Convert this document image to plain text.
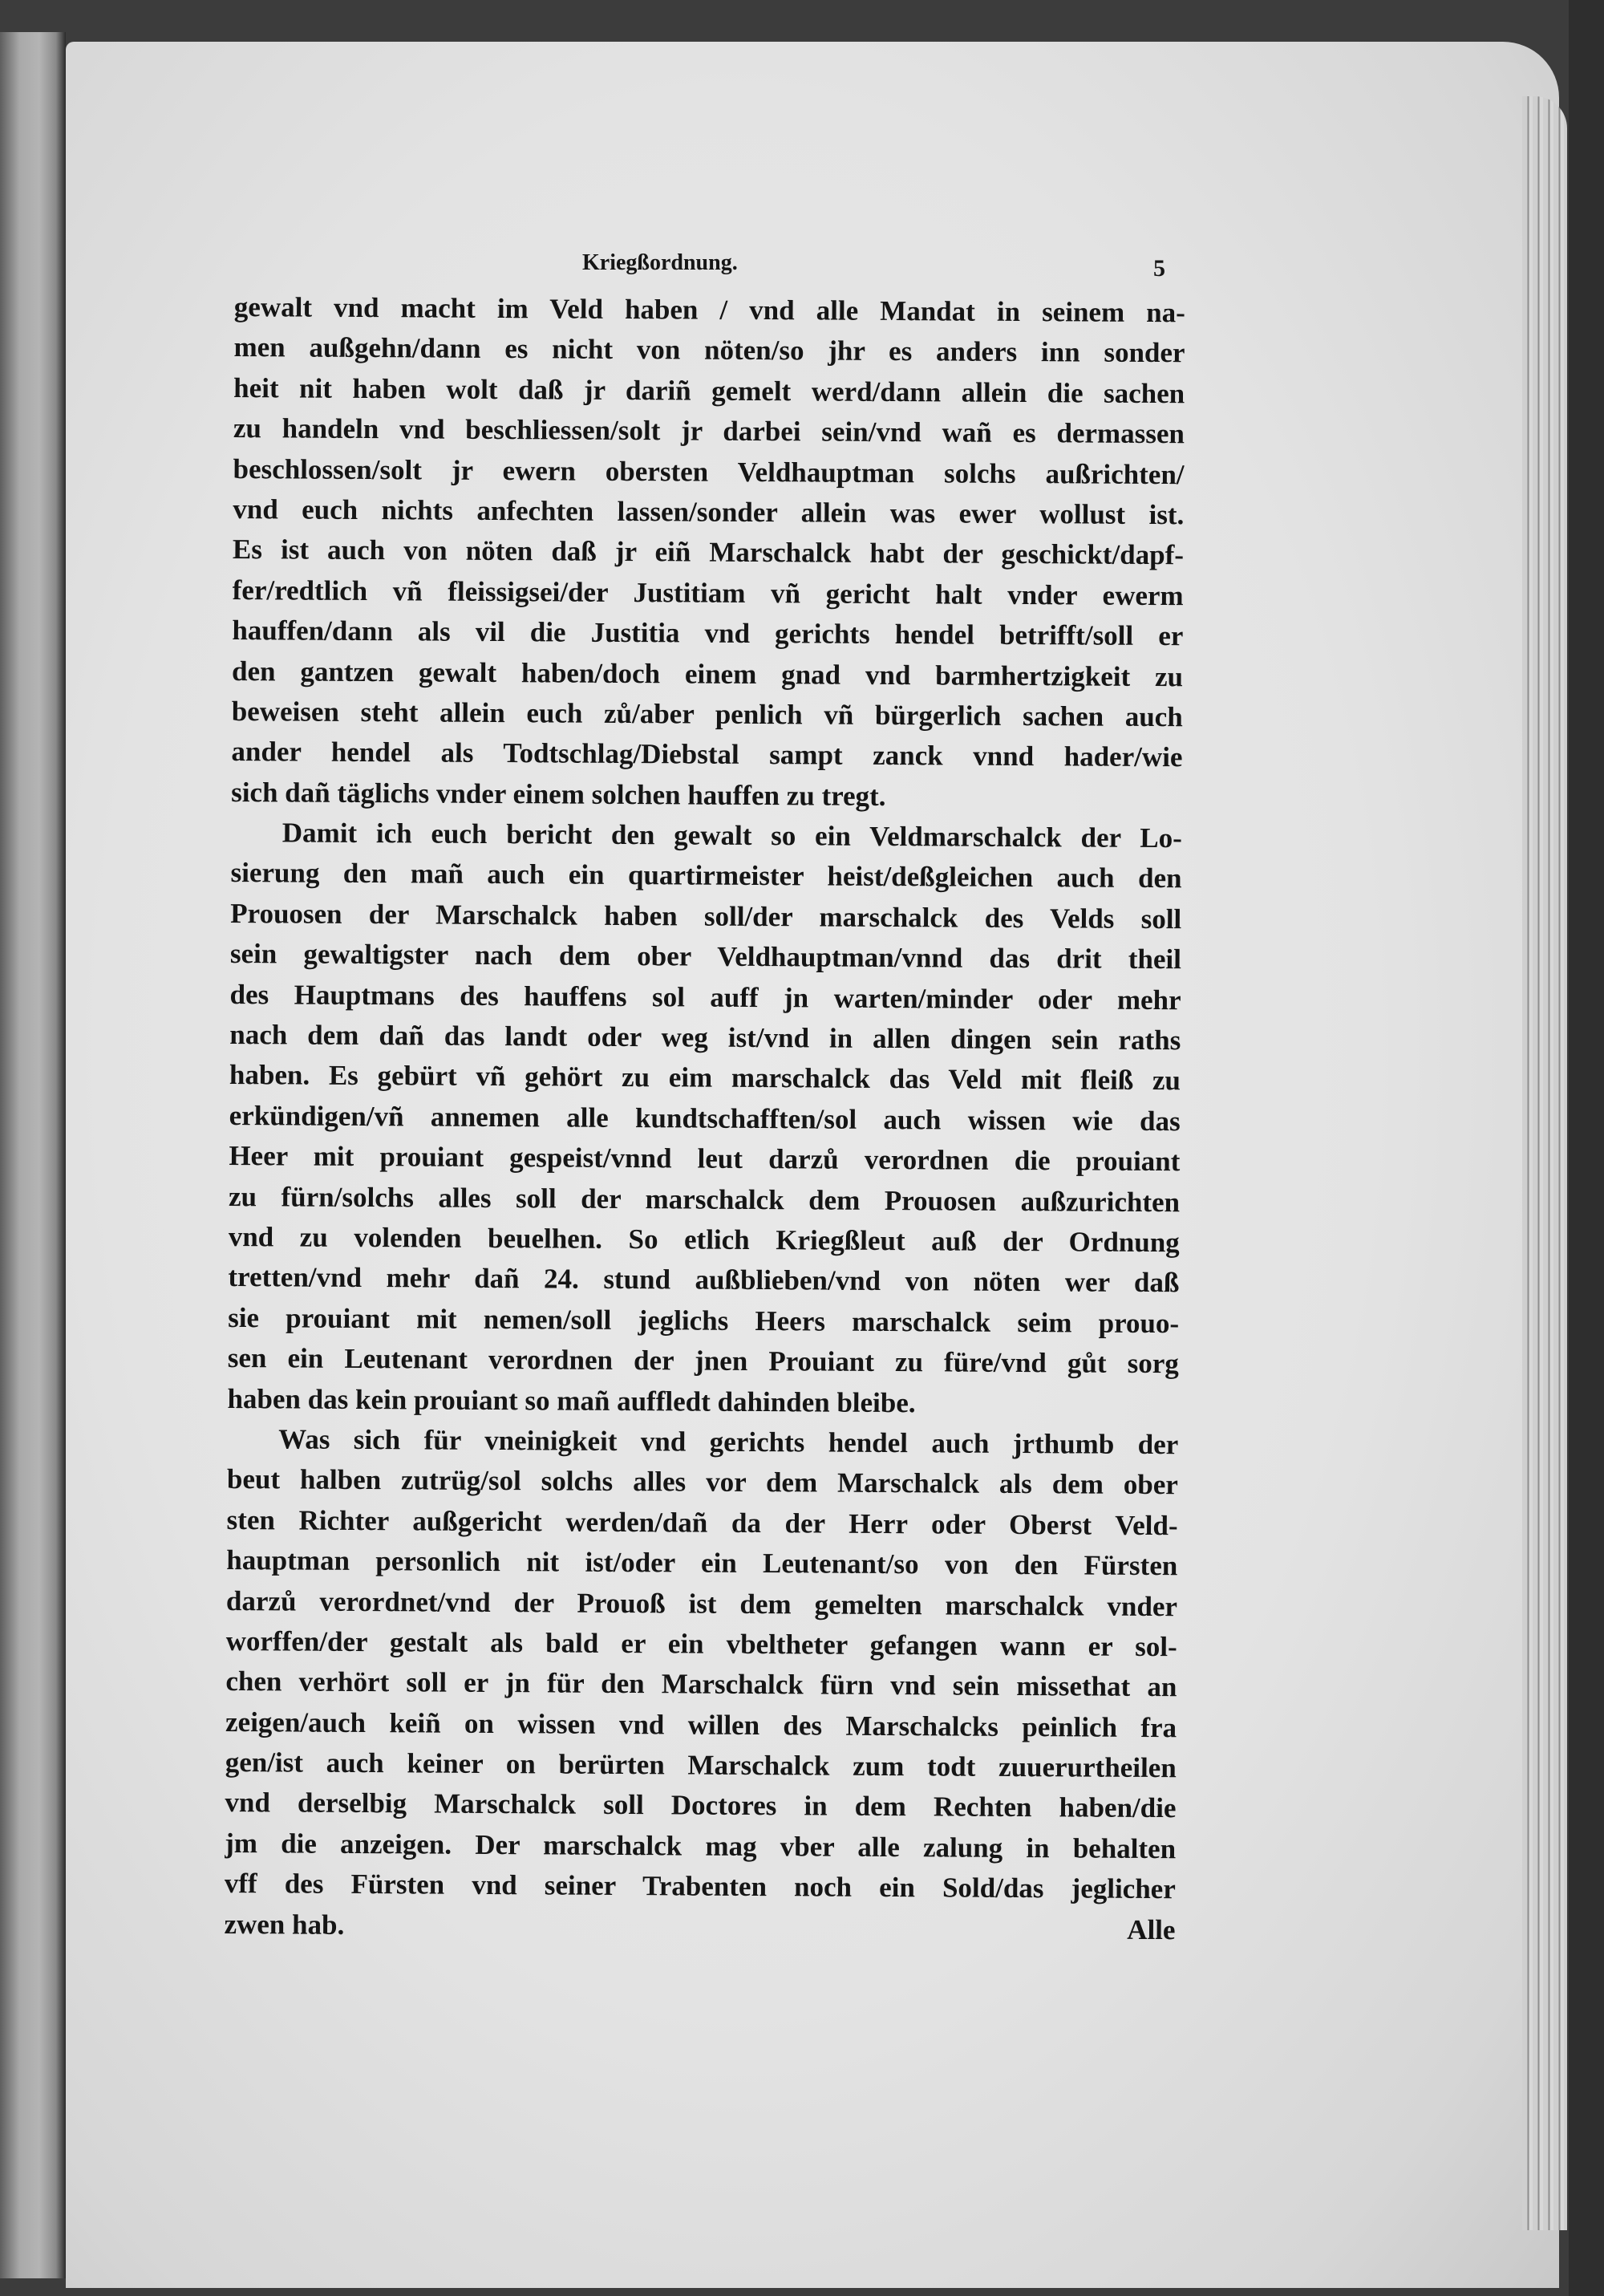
Kriegßordnung.	5
gewalt vnd macht im Veld haben / vnd alle Mandat in seinem na-
men außgehn/dann es nicht von nöten/so jhr es anders inn sonder
heit nit haben wolt daß jr dariñ gemelt werd/dann allein die sachen
zu handeln vnd beschliessen/solt jr darbei sein/vnd wañ es dermassen
beschlossen/solt jr ewern obersten Veldhauptman solchs außrichten/
vnd euch nichts anfechten lassen/sonder allein was ewer wollust ist.
Es ist auch von nöten daß jr eiñ Marschalck habt der geschickt/dapf-
fer/redtlich vñ fleissigsei/der Justitiam vñ gericht halt vnder ewerm
hauffen/dann als vil die Justitia vnd gerichts hendel betrifft/soll er
den gantzen gewalt haben/doch einem gnad vnd barmhertzigkeit zu
beweisen steht allein euch zů/aber penlich vñ bürgerlich sachen auch
ander hendel als Todtschlag/Diebstal sampt zanck vnnd hader/wie
sich dañ täglichs vnder einem solchen hauffen zu tregt.
Damit ich euch bericht den gewalt so ein Veldmarschalck der Lo-
sierung den mañ auch ein quartirmeister heist/deßgleichen auch den
Prouosen der Marschalck haben soll/der marschalck des Velds soll
sein gewaltigster nach dem ober Veldhauptman/vnnd das drit theil
des Hauptmans des hauffens sol auff jn warten/minder oder mehr
nach dem dañ das landt oder weg ist/vnd in allen dingen sein raths
haben. Es gebürt vñ gehört zu eim marschalck das Veld mit fleiß zu
erkündigen/vñ annemen alle kundtschafften/sol auch wissen wie das
Heer mit prouiant gespeist/vnnd leut darzů verordnen die prouiant
zu fürn/solchs alles soll der marschalck dem Prouosen außzurichten
vnd zu volenden beuelhen. So etlich Kriegßleut auß der Ordnung
tretten/vnd mehr dañ 24. stund außblieben/vnd von nöten wer daß
sie prouiant mit nemen/soll jeglichs Heers marschalck seim prouo-
sen ein Leutenant verordnen der jnen Prouiant zu füre/vnd gůt sorg
haben das kein prouiant so mañ auffledt dahinden bleibe.
Was sich für vneinigkeit vnd gerichts hendel auch jrthumb der
beut halben zutrüg/sol solchs alles vor dem Marschalck als dem ober
sten Richter außgericht werden/dañ da der Herr oder Oberst Veld-
hauptman personlich nit ist/oder ein Leutenant/so von den Fürsten
darzů verordnet/vnd der Prouoß ist dem gemelten marschalck vnder
worffen/der gestalt als bald er ein vbeltheter gefangen wann er sol-
chen verhört soll er jn für den Marschalck fürn vnd sein missethat an
zeigen/auch keiñ on wissen vnd willen des Marschalcks peinlich fra
gen/ist auch keiner on berürten Marschalck zum todt zuuerurtheilen
vnd derselbig Marschalck soll Doctores in dem Rechten haben/die
jm die anzeigen. Der marschalck mag vber alle zalung in behalten
vff des Fürsten vnd seiner Trabenten noch ein Sold/das jeglicher
zwen hab.	Alle
